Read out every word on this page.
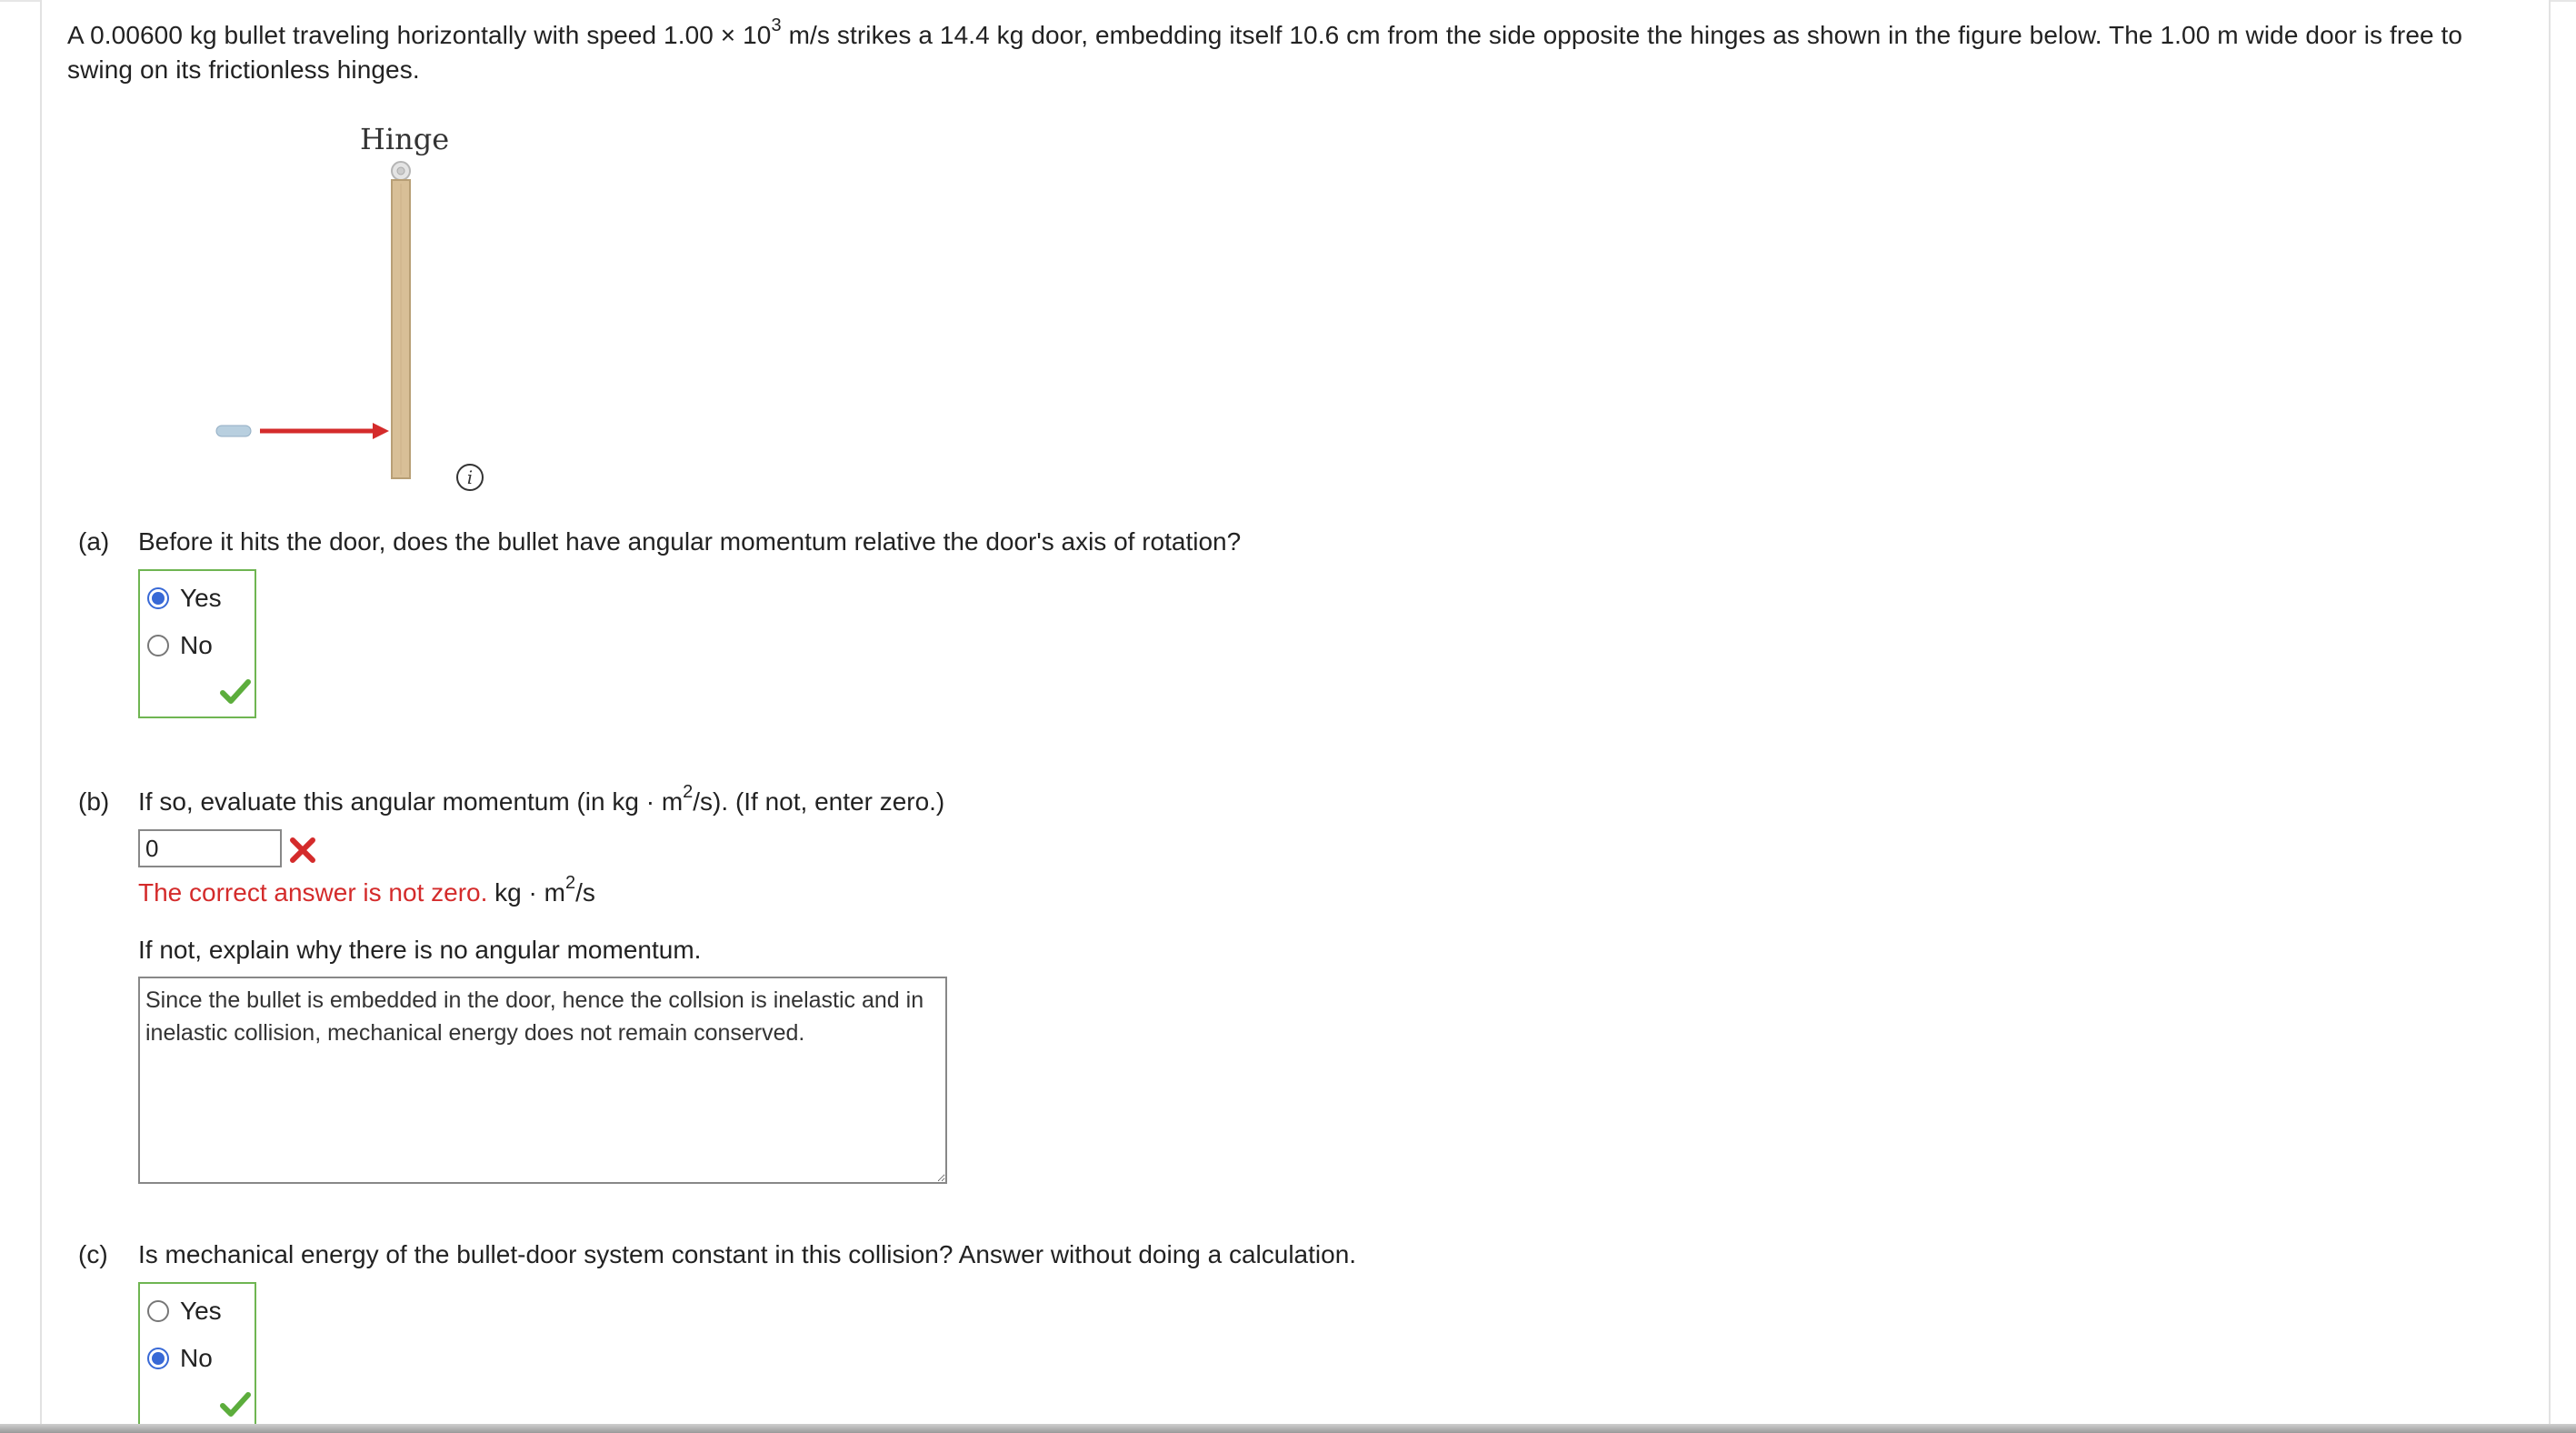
A 0.00600 kg bullet traveling horizontally with speed $1.00 \times 10^3$ m/s strikes a 14.4 kg door, embedding itself 10.6 cm from the side opposite the hinges as shown in the figure below. The 1.00 m wide door is free to swing on its frictionless hinges.
Hinge
i
(a) Before it hits the door, does the bullet have angular momentum relative the door's axis of rotation?
Yes
No
(b) If so, evaluate this angular momentum (in kg · $m^2/s$). (If not, enter zero.)
0
The correct answer is not zero. kg · $m^2/s$
If not, explain why there is no angular momentum.
Since the bullet is embedded in the door, hence the collsion is inelastic and in inelastic collision, mechanical energy does not remain conserved.
(c) Is mechanical energy of the bullet-door system constant in this collision? Answer without doing a calculation.
Yes
No
